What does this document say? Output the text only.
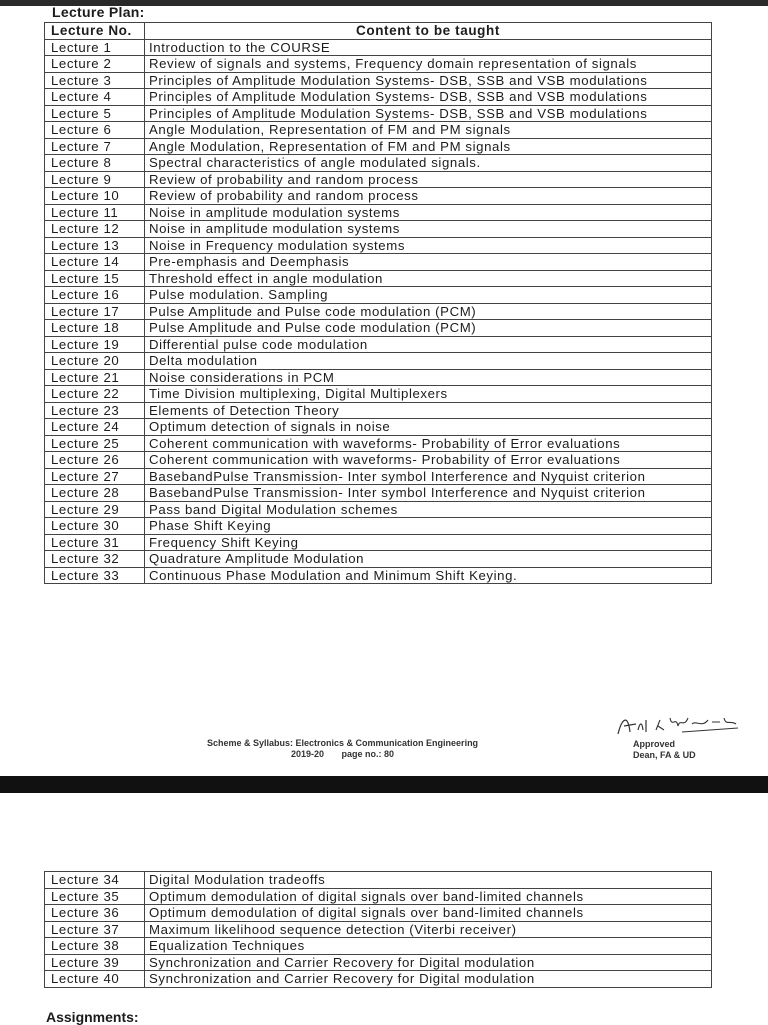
Lecture Plan:
Lecture No.	Content to be taught
Lecture 1	Introduction to the COURSE
Lecture 2	Review of signals and systems, Frequency domain representation of signals
Lecture 3	Principles of Amplitude Modulation Systems- DSB, SSB and VSB modulations
Lecture 4	Principles of Amplitude Modulation Systems- DSB, SSB and VSB modulations
Lecture 5	Principles of Amplitude Modulation Systems- DSB, SSB and VSB modulations
Lecture 6	Angle Modulation, Representation of FM and PM signals
Lecture 7	Angle Modulation, Representation of FM and PM signals
Lecture 8	Spectral characteristics of angle modulated signals.
Lecture 9	Review of probability and random process
Lecture 10	Review of probability and random process
Lecture 11	Noise in amplitude modulation systems
Lecture 12	Noise in amplitude modulation systems
Lecture 13	Noise in Frequency modulation systems
Lecture 14	Pre-emphasis and Deemphasis
Lecture 15	Threshold effect in angle modulation
Lecture 16	Pulse modulation. Sampling
Lecture 17	Pulse Amplitude and Pulse code modulation (PCM)
Lecture 18	Pulse Amplitude and Pulse code modulation (PCM)
Lecture 19	Differential pulse code modulation
Lecture 20	Delta modulation
Lecture 21	Noise considerations in PCM
Lecture 22	Time Division multiplexing, Digital Multiplexers
Lecture 23	Elements of Detection Theory
Lecture 24	Optimum detection of signals in noise
Lecture 25	Coherent communication with waveforms- Probability of Error evaluations
Lecture 26	Coherent communication with waveforms- Probability of Error evaluations
Lecture 27	BasebandPulse Transmission- Inter symbol Interference and Nyquist criterion
Lecture 28	BasebandPulse Transmission- Inter symbol Interference and Nyquist criterion
Lecture 29	Pass band Digital Modulation schemes
Lecture 30	Phase Shift Keying
Lecture 31	Frequency Shift Keying
Lecture 32	Quadrature Amplitude Modulation
Lecture 33	Continuous Phase Modulation and Minimum Shift Keying.
Scheme & Syllabus: Electronics & Communication Engineering
2019-20       page no.: 80
Approved
Dean, FA & UD
Lecture 34	Digital Modulation tradeoffs
Lecture 35	Optimum demodulation of digital signals over band-limited channels
Lecture 36	Optimum demodulation of digital signals over band-limited channels
Lecture 37	Maximum likelihood sequence detection (Viterbi receiver)
Lecture 38	Equalization Techniques
Lecture 39	Synchronization and Carrier Recovery for Digital modulation
Lecture 40	Synchronization and Carrier Recovery for Digital modulation
Assignments:
